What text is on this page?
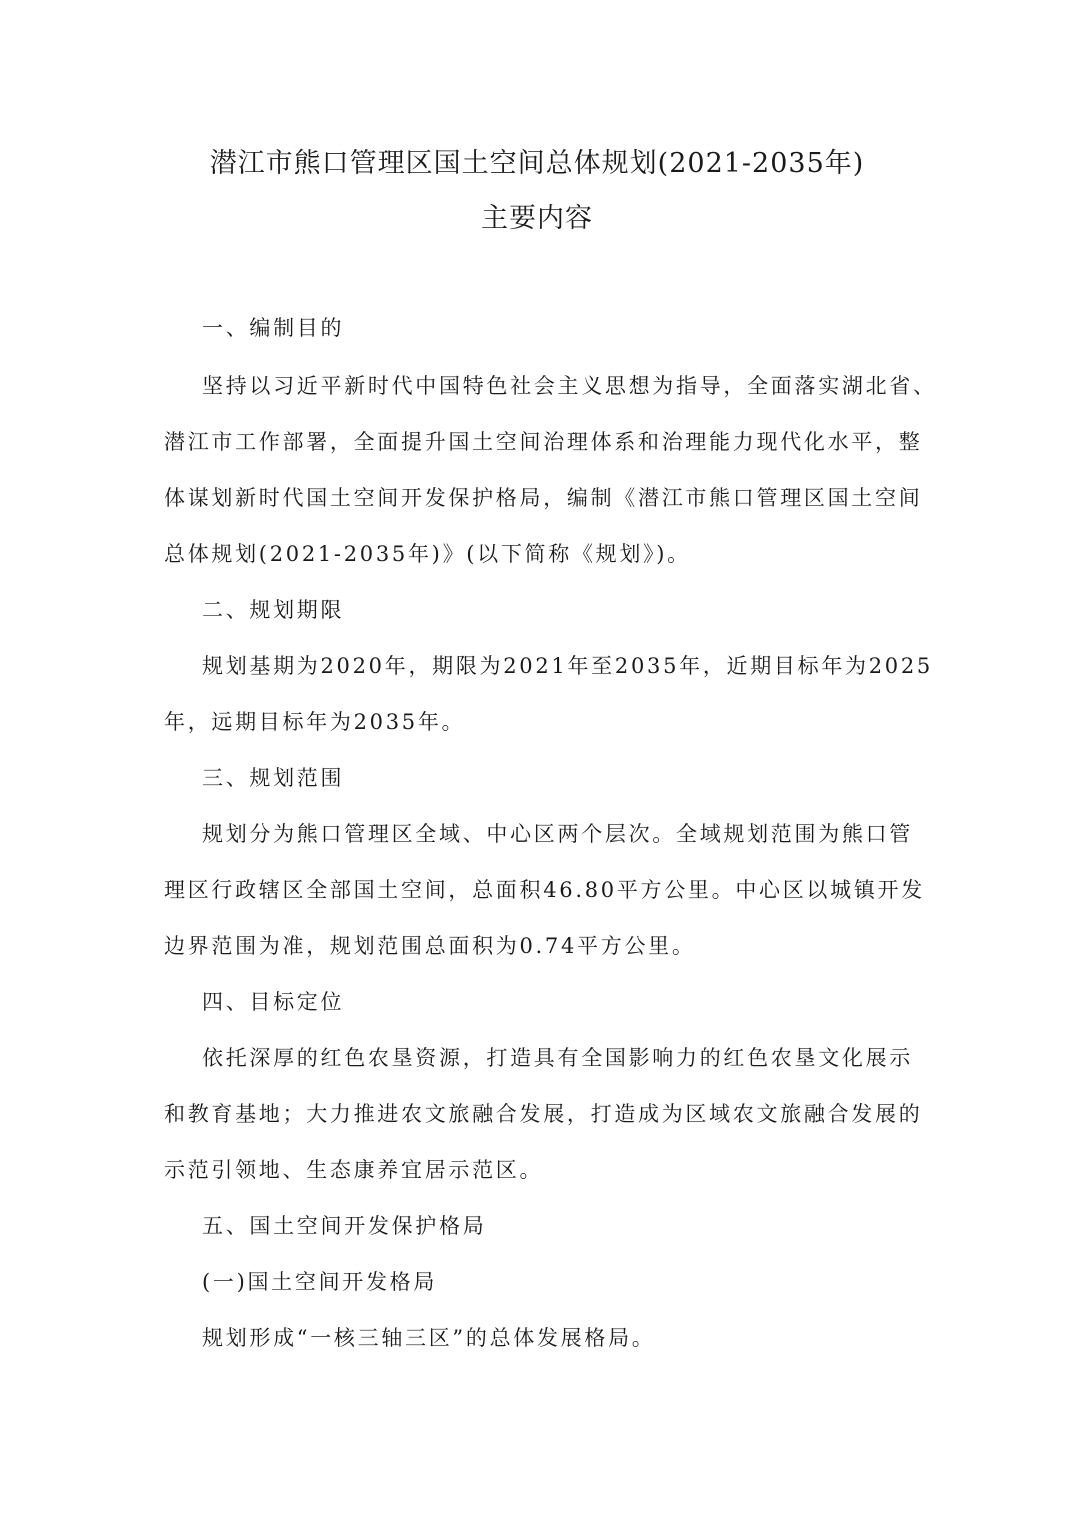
潜江市熊口管理区国土空间总体规划(2021-2035年)
主要内容
一、编制目的
坚持以习近平新时代中国特色社会主义思想为指导，全面落实湖北省、
潜江市工作部署，全面提升国土空间治理体系和治理能力现代化水平，整
体谋划新时代国土空间开发保护格局，编制《潜江市熊口管理区国土空间
总体规划(2021-2035年)》(以下简称《规划》)。
二、规划期限
规划基期为2020年，期限为2021年至2035年，近期目标年为2025
年，远期目标年为2035年。
三、规划范围
规划分为熊口管理区全域、中心区两个层次。全域规划范围为熊口管
理区行政辖区全部国土空间，总面积46.80平方公里。中心区以城镇开发
边界范围为准，规划范围总面积为0.74平方公里。
四、目标定位
依托深厚的红色农垦资源，打造具有全国影响力的红色农垦文化展示
和教育基地；大力推进农文旅融合发展，打造成为区域农文旅融合发展的
示范引领地、生态康养宜居示范区。
五、国土空间开发保护格局
(一)国土空间开发格局
规划形成“一核三轴三区”的总体发展格局。
